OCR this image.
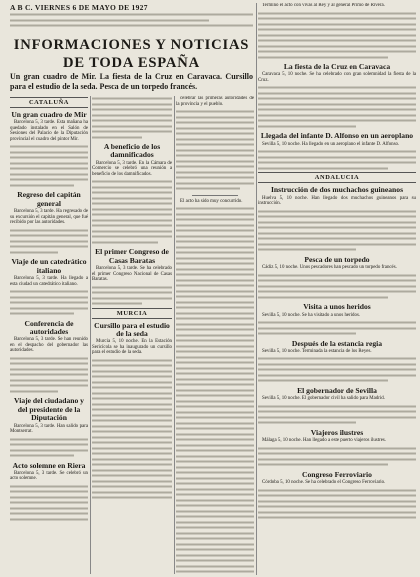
A B C. VIERNES 6 DE MAYO DE 1927
INFORMACIONES Y NOTICIAS DE TODA ESPAÑA
Un gran cuadro de Mir. La fiesta de la Cruz en Caravaca. Cursillo para el estudio de la seda. Pesca de un torpedo francés.
CATALUÑA
Un gran cuadro de Mir

Barcelona 5, 3 tarde. Esta mañana ha quedado instalado en el Salón de Sesiones del Palacio de la Diputación provincial el cuadro del pintor Mir.

Regreso del capitán general

Barcelona 5, 3 tarde. Ha regresado de su excursión el capitán general, que fué recibido por las autoridades.

Viaje de un catedrático italiano

Barcelona 5, 3 tarde. Ha llegado a esta ciudad un catedrático italiano.

Conferencia de autoridades

Barcelona 5, 3 tarde. Se han reunido en el despacho del gobernador las autoridades.

Viaje del ciudadano y del presidente de la Diputación

Barcelona 5, 3 tarde. Han salido para Montserrat.

Acto solemne en Riera

Barcelona 5, 3 tarde. Se celebró un acto solemne.

A beneficio de los damnificados

Barcelona 5, 3 tarde. En la Cámara de Comercio se celebró una reunión a beneficio de los damnificados.

El primer Congreso de Casas Baratas

Barcelona 5, 3 tarde. Se ha celebrado el primer Congreso Nacional de Casas Baratas.

MURCIA
Cursillo para el estudio de la seda

Murcia 5, 10 noche. En la Estación Sericícola se ha inaugurado un cursillo para el estudio de la seda.

celebrar las primeras autoridades de la provincia y el pueblo.

El acto ha sido muy concurrido.

Terminó el acto con vivas al Rey y al general Primo de Rivera.

La fiesta de la Cruz en Caravaca

Caravaca 5, 10 noche. Se ha celebrado con gran solemnidad la fiesta de la Cruz.

Llegada del infante D. Alfonso en un aeroplano

Sevilla 5, 10 noche. Ha llegado en un aeroplano el infante D. Alfonso.

ANDALUCIA
Instrucción de dos muchachos guineanos

Huelva 5, 10 noche. Han llegado dos muchachos guineanos para su instrucción.

Pesca de un torpedo

Cádiz 5, 10 noche. Unos pescadores han pescado un torpedo francés.

Visita a unos heridos

Sevilla 5, 10 noche. Se ha visitado a unos heridos.

Después de la estancia regia

Sevilla 5, 10 noche. Terminada la estancia de los Reyes.

El gobernador de Sevilla

Sevilla 5, 10 noche. El gobernador civil ha salido para Madrid.

Viajeros ilustres

Málaga 5, 10 noche. Han llegado a este puerto viajeros ilustres.

Congreso Ferroviario

Córdoba 5, 10 noche. Se ha celebrado el Congreso Ferroviario.
